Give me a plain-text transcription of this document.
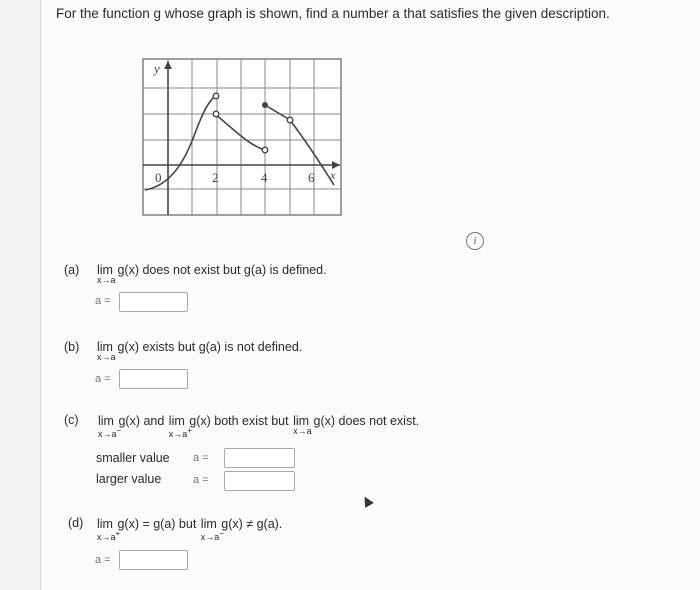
For the function g whose graph is shown, find a number a that satisfies the given description.
y
x
0	2	4	6
i
(a) lim
x→a
g(x) does not exist but g(a) is defined.
a =
(b) lim
x→a
g(x) exists but g(a) is not defined.
a =
(c) lim
x→a−
g(x) and lim
x→a+
g(x) both exist but lim
x→a
g(x) does not exist.
smaller value a =
larger value	a =
(d) lim
x→a+
g(x) = g(a) but lim
x→a−
g(x) ≠ g(a).
a =
